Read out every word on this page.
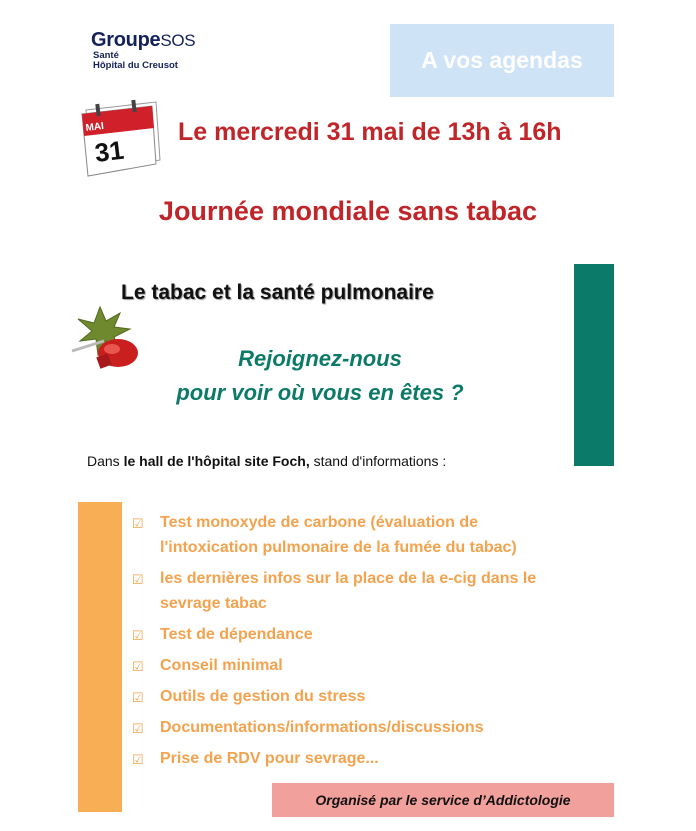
GroupeSOS
Santé
Hôpital du Creusot	A vos agendas
MAI
31
Le mercredi 31 mai de 13h à 16h
Journée mondiale sans tabac
Le tabac et la santé pulmonaire
Rejoignez-nous
pour voir où vous en êtes ?
Dans le hall de l'hôpital site Foch, stand d'informations :
☑ Test monoxyde de carbone (évaluation de l'intoxication pulmonaire de la fumée du tabac)
☑ les dernières infos sur la place de la e-cig dans le sevrage tabac
☑ Test de dépendance
☑ Conseil minimal
☑ Outils de gestion du stress
☑ Documentations/informations/discussions
☑ Prise de RDV pour sevrage...
Organisé par le service d’Addictologie
